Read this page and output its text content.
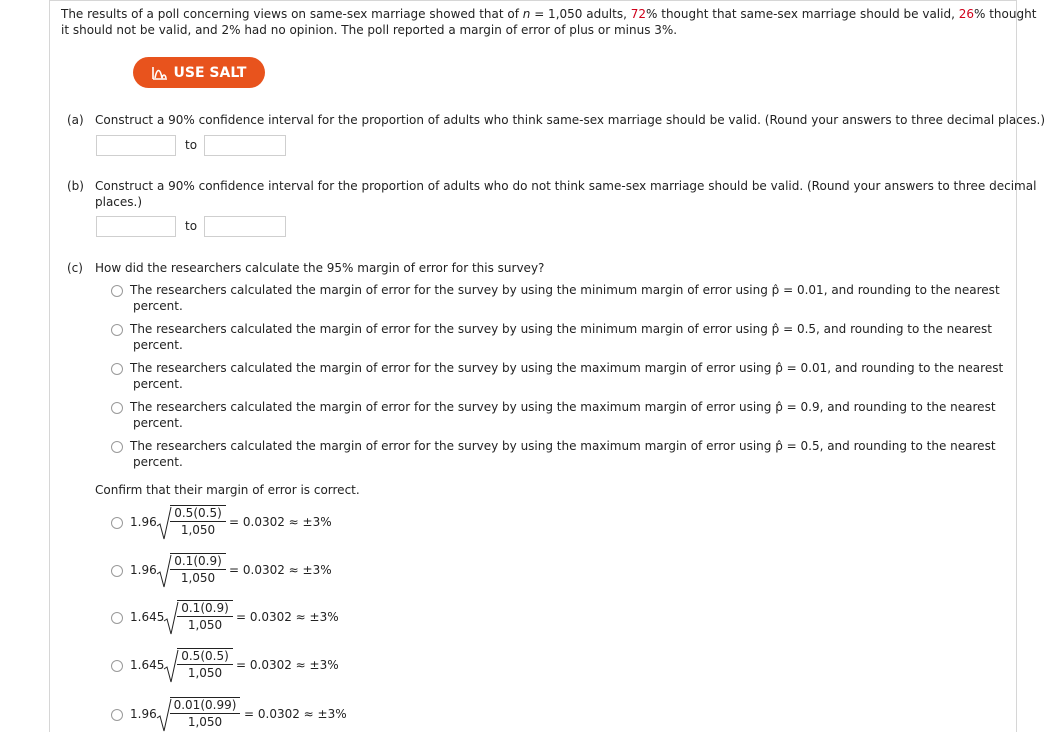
The results of a poll concerning views on same-sex marriage showed that of n = 1,050 adults, 72% thought that same-sex marriage should be valid, 26% thought
it should not be valid, and 2% had no opinion. The poll reported a margin of error of plus or minus 3%.
USE SALT
(a) Construct a 90% confidence interval for the proportion of adults who think same-sex marriage should be valid. (Round your answers to three decimal places.)
to
(b) Construct a 90% confidence interval for the proportion of adults who do not think same-sex marriage should be valid. (Round your answers to three decimal
places.)
to
(c) How did the researchers calculate the 95% margin of error for this survey?
The researchers calculated the margin of error for the survey by using the minimum margin of error using p̂ = 0.01, and rounding to the nearest
percent.
The researchers calculated the margin of error for the survey by using the minimum margin of error using p̂ = 0.5, and rounding to the nearest
percent.
The researchers calculated the margin of error for the survey by using the maximum margin of error using p̂ = 0.01, and rounding to the nearest
percent.
The researchers calculated the margin of error for the survey by using the maximum margin of error using p̂ = 0.9, and rounding to the nearest
percent.
The researchers calculated the margin of error for the survey by using the maximum margin of error using p̂ = 0.5, and rounding to the nearest
percent.
Confirm that their margin of error is correct.
$1.96 \frac{0.5(0.5)}{1,050} = 0.0302 \approx \pm 3\%$
$1.96 \frac{0.1(0.9)}{1,050} = 0.0302 \approx \pm 3\%$
$1.645 \frac{0.1(0.9)}{1,050} = 0.0302 \approx \pm 3\%$
$1.645 \frac{0.5(0.5)}{1,050} = 0.0302 \approx \pm 3\%$
$1.96 \frac{0.01(0.99)}{1,050} = 0.0302 \approx \pm 3\%$
